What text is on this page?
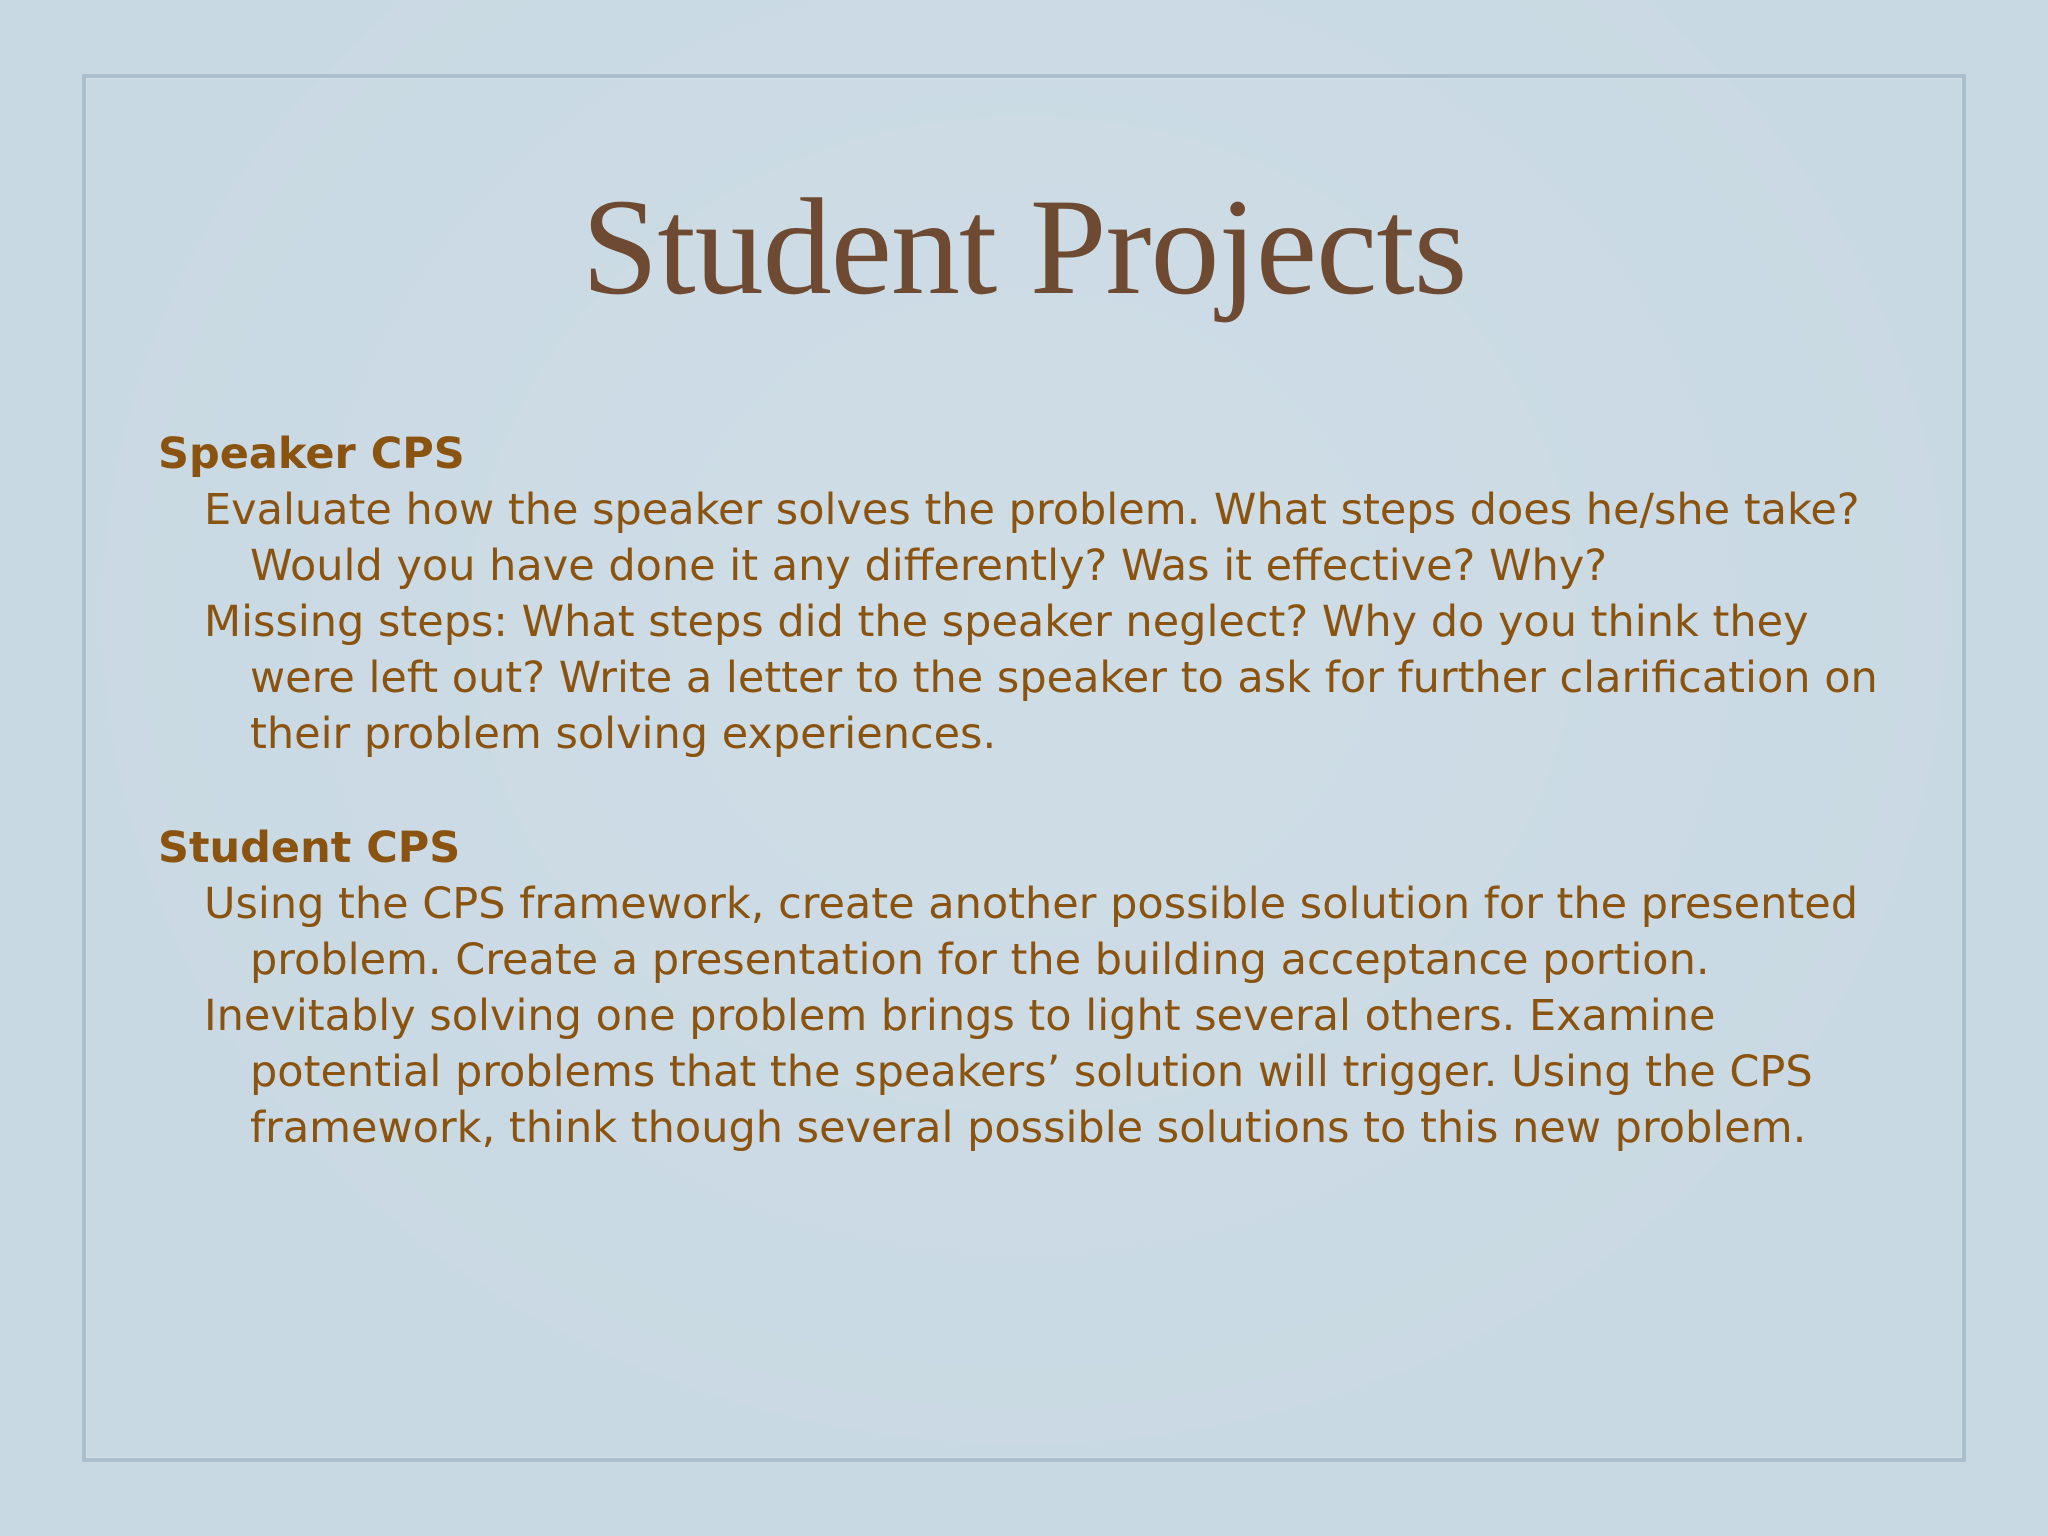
Student Projects

Speaker CPS

Evaluate how the speaker solves the problem. What steps does he/she take? Would you have done it any differently? Was it effective? Why?

Missing steps: What steps did the speaker neglect? Why do you think they were left out? Write a letter to the speaker to ask for further clarification on their problem solving experiences.

Student CPS

Using the CPS framework, create another possible solution for the presented problem. Create a presentation for the building acceptance portion.

Inevitably solving one problem brings to light several others. Examine potential problems that the speakers’ solution will trigger. Using the CPS framework, think though several possible solutions to this new problem.
